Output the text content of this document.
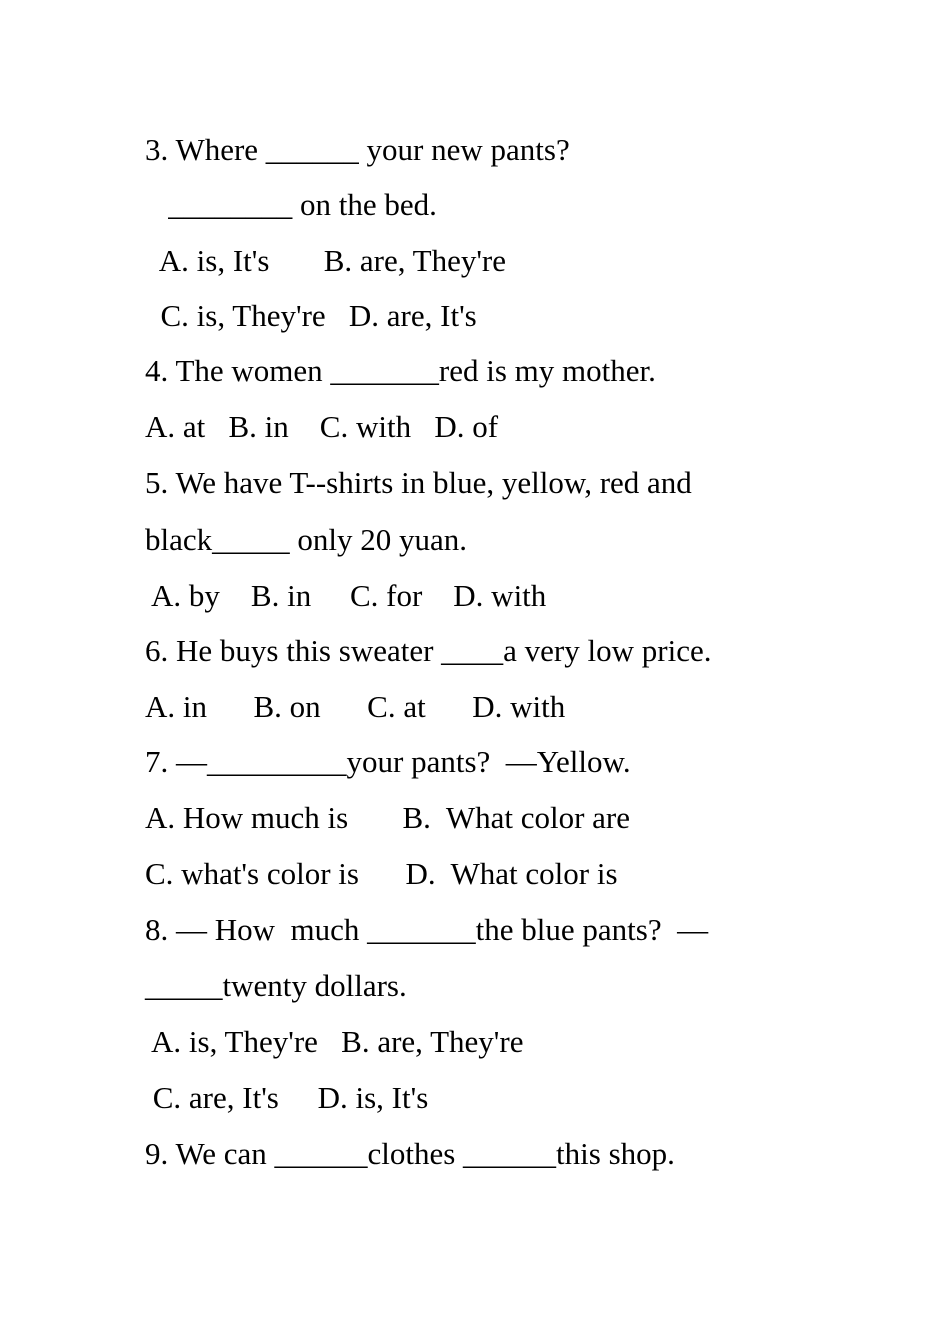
3. Where ______ your new pants?
________ on the bed.
A. is, It's       B. are, They're
C. is, They're   D. are, It's
4. The women _______red is my mother.
A. at   B. in    C. with   D. of
5. We have T--shirts in blue, yellow, red and
black_____ only 20 yuan.
A. by    B. in     C. for    D. with
6. He buys this sweater ____a very low price.
A. in      B. on      C. at      D. with
7. —_________your pants?  —Yellow.
A. How much is       B.  What color are
C. what's color is      D.  What color is
8. — How  much _______the blue pants?  —
_____twenty dollars.
A. is, They're   B. are, They're
C. are, It's     D. is, It's
9. We can ______clothes ______this shop.
